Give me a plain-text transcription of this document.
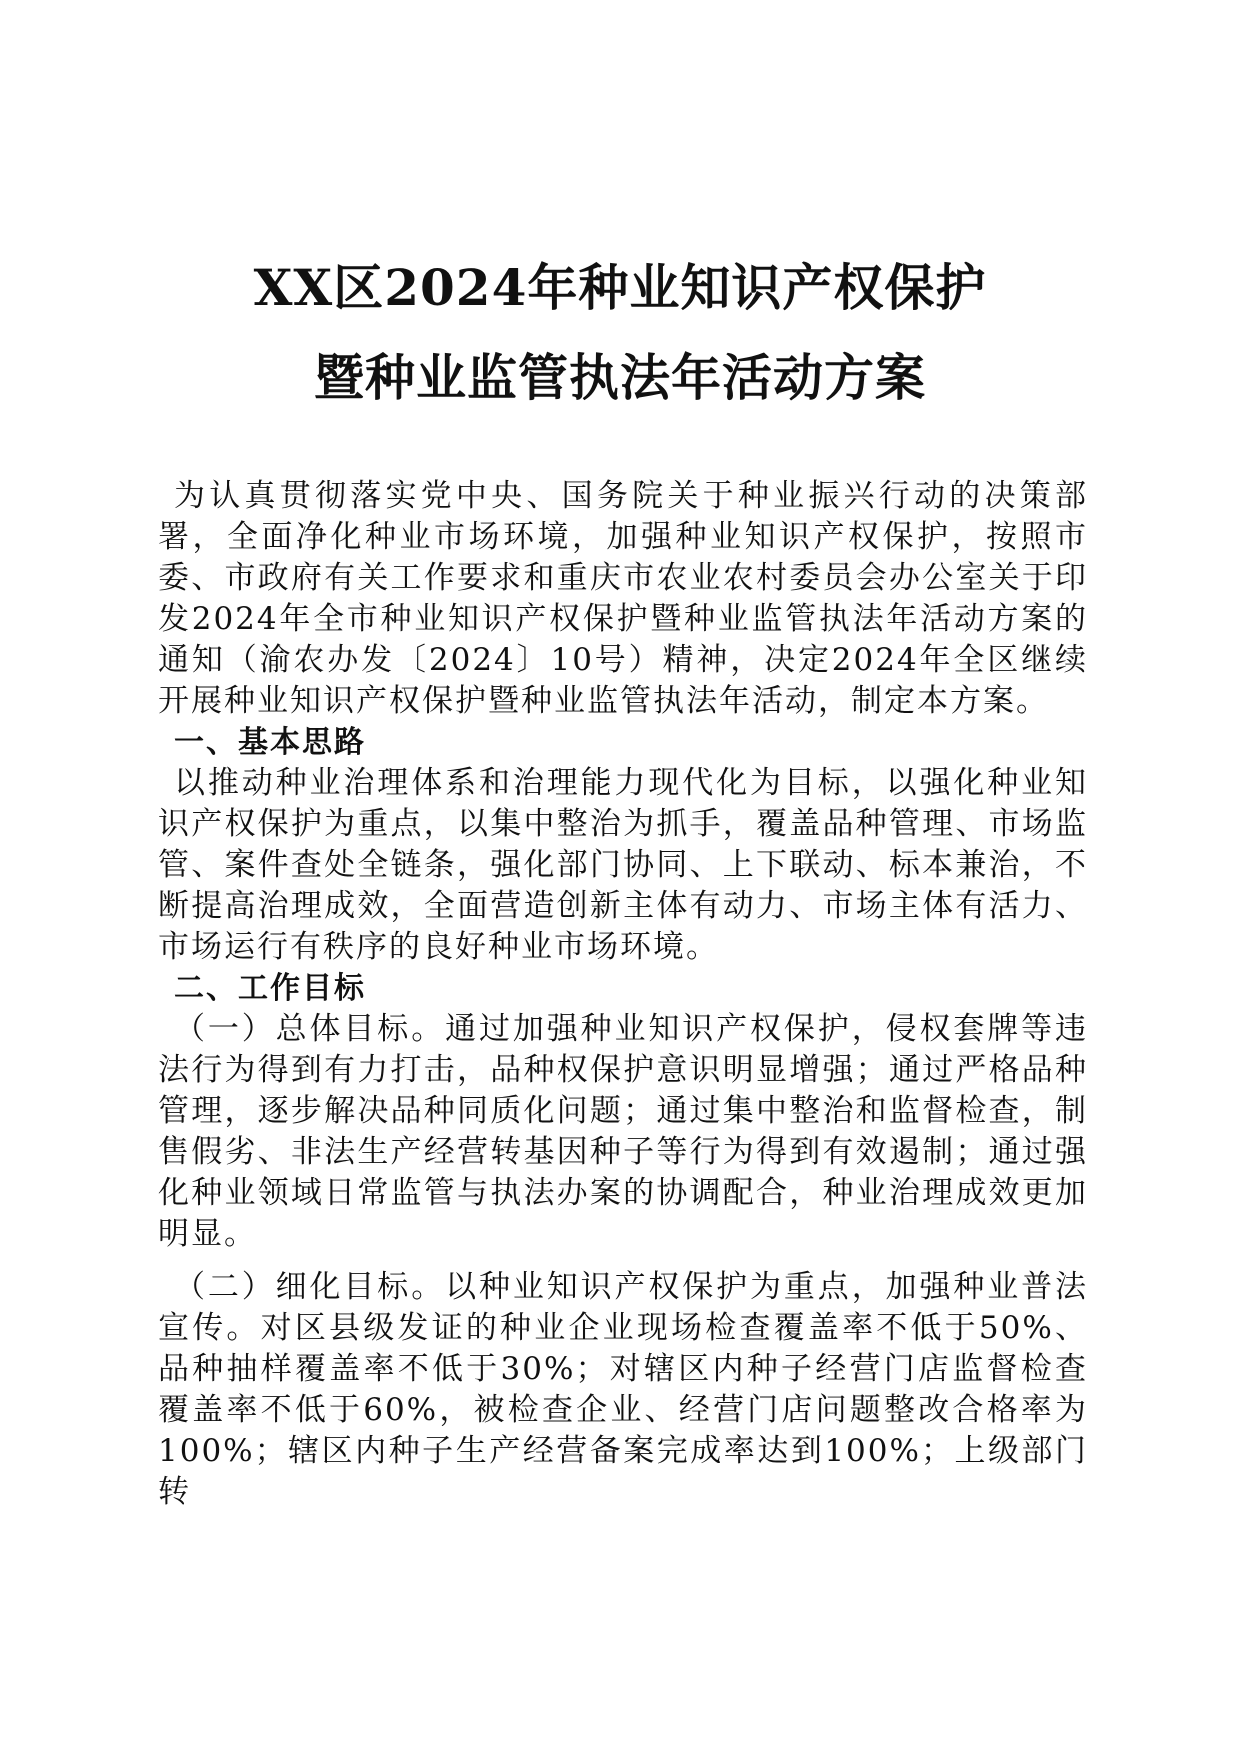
XX区2024年种业知识产权保护
暨种业监管执法年活动方案

为认真贯彻落实党中央、国务院关于种业振兴行动的决策部署，全面净化种业市场环境，加强种业知识产权保护，按照市委、市政府有关工作要求和重庆市农业农村委员会办公室关于印发2024年全市种业知识产权保护暨种业监管执法年活动方案的通知（渝农办发〔2024〕10号）精神，决定2024年全区继续开展种业知识产权保护暨种业监管执法年活动，制定本方案。

一、基本思路

以推动种业治理体系和治理能力现代化为目标，以强化种业知识产权保护为重点，以集中整治为抓手，覆盖品种管理、市场监管、案件查处全链条，强化部门协同、上下联动、标本兼治，不断提高治理成效，全面营造创新主体有动力、市场主体有活力、市场运行有秩序的良好种业市场环境。

二、工作目标

（一）总体目标。通过加强种业知识产权保护，侵权套牌等违法行为得到有力打击，品种权保护意识明显增强；通过严格品种管理，逐步解决品种同质化问题；通过集中整治和监督检查，制售假劣、非法生产经营转基因种子等行为得到有效遏制；通过强化种业领域日常监管与执法办案的协调配合，种业治理成效更加明显。

（二）细化目标。以种业知识产权保护为重点，加强种业普法宣传。对区县级发证的种业企业现场检查覆盖率不低于50%、品种抽样覆盖率不低于30%；对辖区内种子经营门店监督检查覆盖率不低于60%，被检查企业、经营门店问题整改合格率为100%；辖区内种子生产经营备案完成率达到100%；上级部门转
